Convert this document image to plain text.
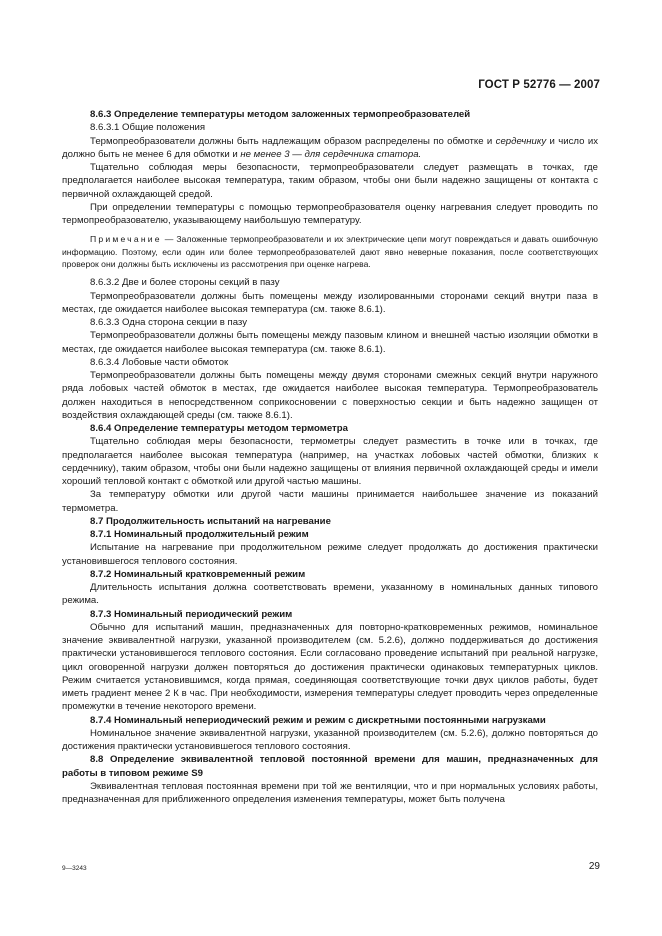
ГОСТ Р 52776 — 2007

8.6.3 Определение температуры методом заложенных термопреобразователей

8.6.3.1 Общие положения

Термопреобразователи должны быть надлежащим образом распределены по обмотке и сердечнику и число их должно быть не менее 6 для обмотки и не менее 3 — для сердечника статора.

Тщательно соблюдая меры безопасности, термопреобразователи следует размещать в точках, где предполагается наиболее высокая температура, таким образом, чтобы они были надежно защищены от контакта с первичной охлаждающей средой.

При определении температуры с помощью термопреобразователя оценку нагревания следует проводить по термопреобразователю, указывающему наибольшую температуру.

Примечание — Заложенные термопреобразователи и их электрические цепи могут повреждаться и давать ошибочную информацию. Поэтому, если один или более термопреобразователей дают явно неверные показания, после соответствующих проверок они должны быть исключены из рассмотрения при оценке нагрева.

8.6.3.2 Две и более стороны секций в пазу

Термопреобразователи должны быть помещены между изолированными сторонами секций внутри паза в местах, где ожидается наиболее высокая температура (см. также 8.6.1).

8.6.3.3 Одна сторона секции в пазу

Термопреобразователи должны быть помещены между пазовым клином и внешней частью изоляции обмотки в местах, где ожидается наиболее высокая температура (см. также 8.6.1).

8.6.3.4 Лобовые части обмоток

Термопреобразователи должны быть помещены между двумя сторонами смежных секций внутри наружного ряда лобовых частей обмоток в местах, где ожидается наиболее высокая температура. Термопреобразователь должен находиться в непосредственном соприкосновении с поверхностью секции и быть надежно защищен от воздействия охлаждающей среды (см. также 8.6.1).

8.6.4 Определение температуры методом термометра

Тщательно соблюдая меры безопасности, термометры следует разместить в точке или в точках, где предполагается наиболее высокая температура (например, на участках лобовых частей обмотки, близких к сердечнику), таким образом, чтобы они были надежно защищены от влияния первичной охлаждающей среды и имели хороший тепловой контакт с обмоткой или другой частью машины.

За температуру обмотки или другой части машины принимается наибольшее значение из показаний термометра.

8.7 Продолжительность испытаний на нагревание

8.7.1 Номинальный продолжительный режим

Испытание на нагревание при продолжительном режиме следует продолжать до достижения практически установившегося теплового состояния.

8.7.2 Номинальный кратковременный режим

Длительность испытания должна соответствовать времени, указанному в номинальных данных типового режима.

8.7.3 Номинальный периодический режим

Обычно для испытаний машин, предназначенных для повторно-кратковременных режимов, номинальное значение эквивалентной нагрузки, указанной производителем (см. 5.2.6), должно поддерживаться до достижения практически установившегося теплового состояния. Если согласовано проведение испытаний при реальной нагрузке, цикл оговоренной нагрузки должен повторяться до достижения практически одинаковых температурных циклов. Режим считается установившимся, когда прямая, соединяющая соответствующие точки двух циклов работы, будет иметь градиент менее 2 К в час. При необходимости, измерения температуры следует проводить через определенные промежутки в течение некоторого времени.

8.7.4 Номинальный непериодический режим и режим с дискретными постоянными нагрузками

Номинальное значение эквивалентной нагрузки, указанной производителем (см. 5.2.6), должно повторяться до достижения практически установившегося теплового состояния.

8.8 Определение эквивалентной тепловой постоянной времени для машин, предназначенных для работы в типовом режиме S9

Эквивалентная тепловая постоянная времени при той же вентиляции, что и при нормальных условиях работы, предназначенная для приближенного определения изменения температуры, может быть получена

9—3243	29
